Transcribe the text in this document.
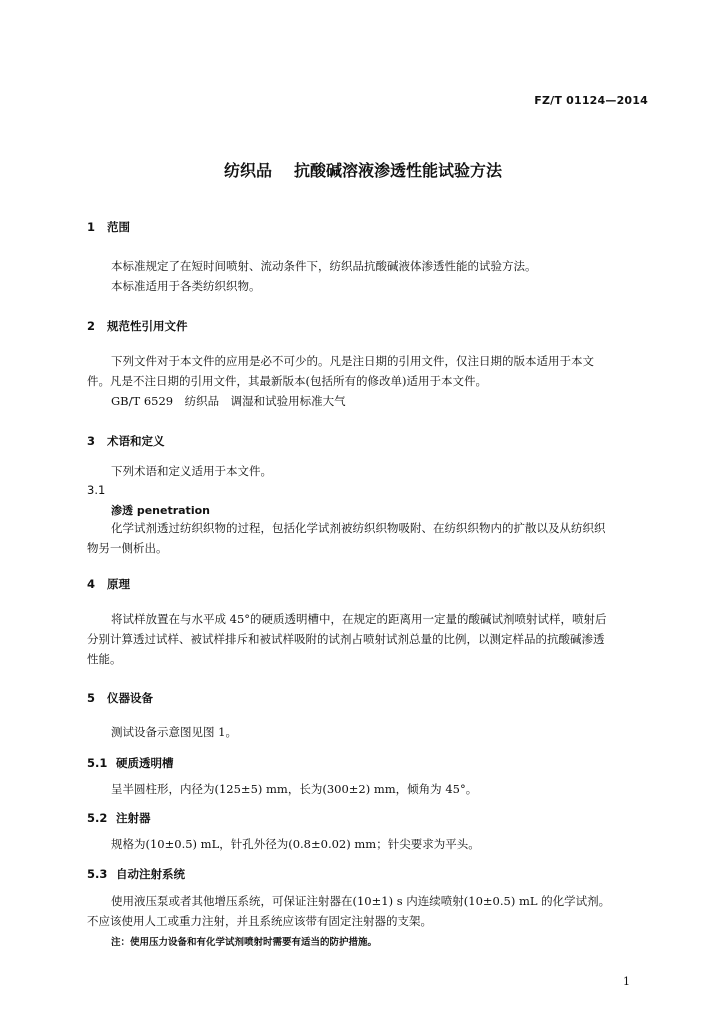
FZ/T 01124—2014
纺织品 抗酸碱溶液渗透性能试验方法
1 范围
本标准规定了在短时间喷射、流动条件下，纺织品抗酸碱液体渗透性能的试验方法。
本标准适用于各类纺织织物。
2 规范性引用文件
下列文件对于本文件的应用是必不可少的。凡是注日期的引用文件，仅注日期的版本适用于本文
件。凡是不注日期的引用文件，其最新版本(包括所有的修改单)适用于本文件。
GB/T 6529　纺织品　调湿和试验用标准大气
3 术语和定义
下列术语和定义适用于本文件。
3.1
渗透 penetration
化学试剂透过纺织织物的过程，包括化学试剂被纺织织物吸附、在纺织织物内的扩散以及从纺织织
物另一侧析出。
4 原理
将试样放置在与水平成 45°的硬质透明槽中，在规定的距离用一定量的酸碱试剂喷射试样，喷射后
分别计算透过试样、被试样排斥和被试样吸附的试剂占喷射试剂总量的比例，以测定样品的抗酸碱渗透
性能。
5 仪器设备
测试设备示意图见图 1。
5.1 硬质透明槽
呈半圆柱形，内径为(125±5) mm，长为(300±2) mm，倾角为 45°。
5.2 注射器
规格为(10±0.5) mL，针孔外径为(0.8±0.02) mm；针尖要求为平头。
5.3 自动注射系统
使用液压泵或者其他增压系统，可保证注射器在(10±1) s 内连续喷射(10±0.5) mL 的化学试剂。
不应该使用人工或重力注射，并且系统应该带有固定注射器的支架。
注：使用压力设备和有化学试剂喷射时需要有适当的防护措施。
1
